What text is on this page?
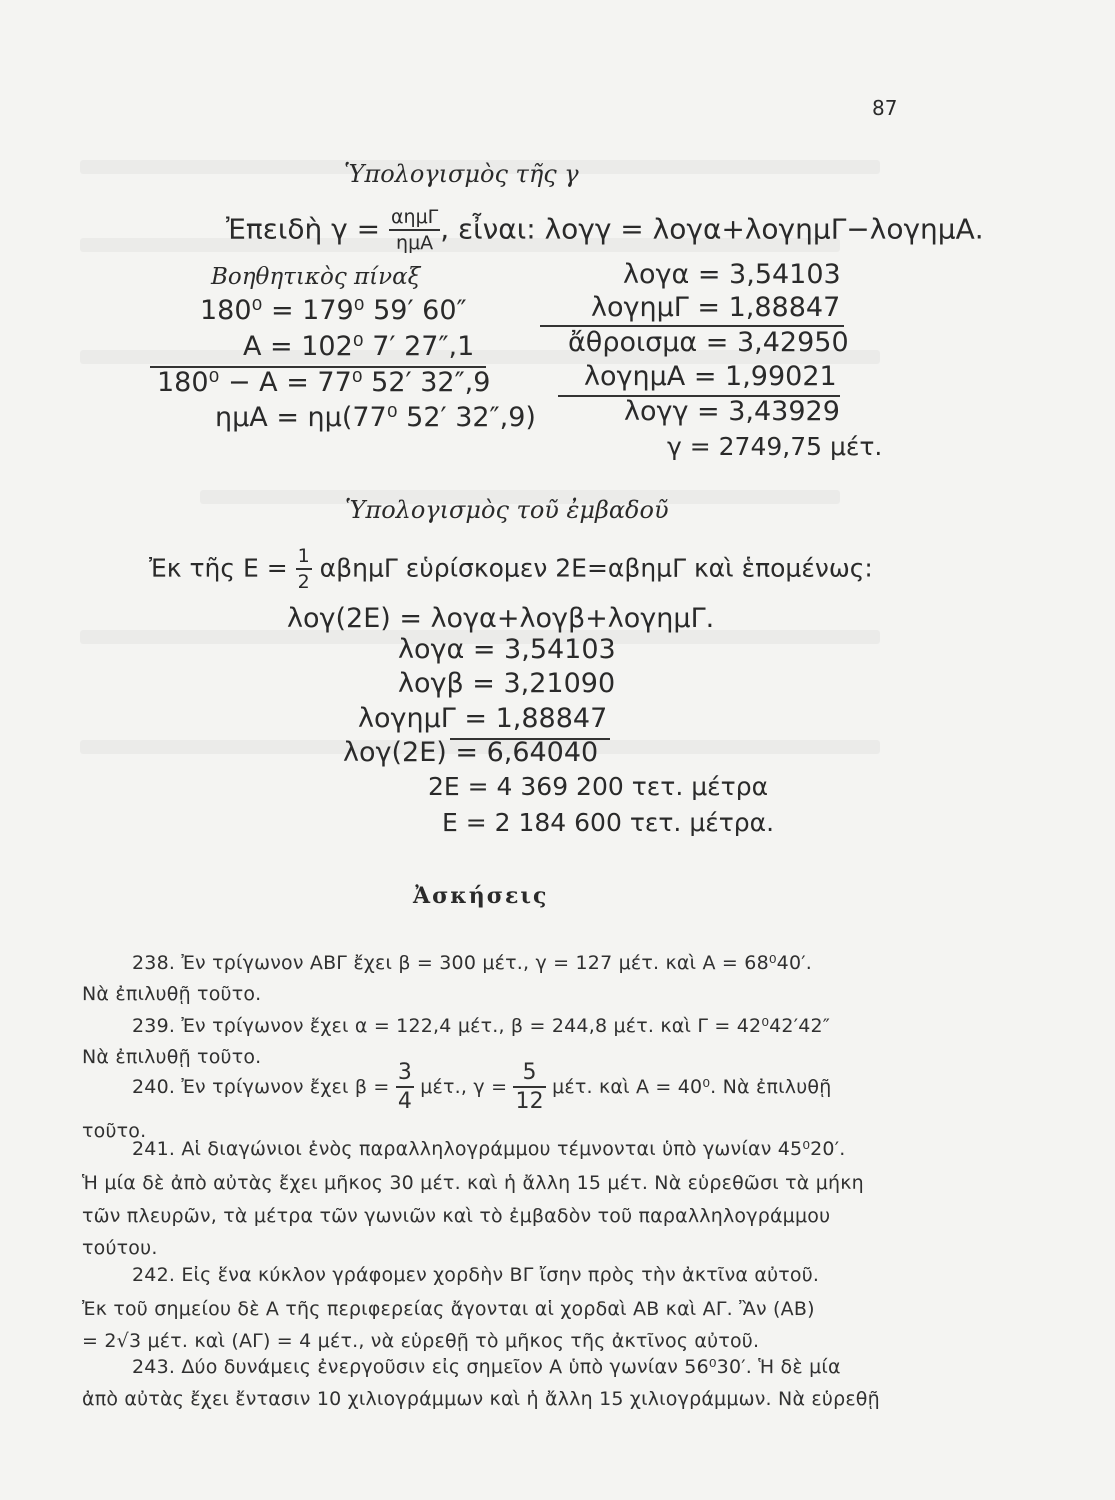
87
Ὑπολογισμὸς τῆς γ
Ἐπειδὴ $\gamma = \frac{\text{αημΓ}}{\text{ημΑ}}$ , εἶναι: λογγ = λογα+λογημΓ−λογημΑ.
Βοηθητικὸς πίναξ
180⁰ = 179⁰ 59′ 60″
Α = 102⁰ 7′ 27″,1
180⁰ − Α = 77⁰ 52′ 32″,9
ημΑ = ημ(77⁰ 52′ 32″,9)
λογα = 3,54103
λογημΓ = 1,88847
ἄθροισμα = 3,42950
λογημΑ = 1,99021
λογγ = 3,43929
γ = 2749,75 μέτ.
Ὑπολογισμὸς τοῦ ἐμβαδοῦ
Ἐκ τῆς $E = \frac{1}{2}$ αβημΓ εὑρίσκομεν 2Ε=αβημΓ καὶ ἑπομένως:
λογ(2Ε) = λογα+λογβ+λογημΓ.
λογα = 3,54103
λογβ = 3,21090
λογημΓ = 1,88847
λογ(2Ε) = 6,64040
2Ε = 4 369 200 τετ. μέτρα
Ε = 2 184 600 τετ. μέτρα.
Ἀσκήσεις
238. Ἐν τρίγωνον ΑΒΓ ἔχει β = 300 μέτ., γ = 127 μέτ. καὶ Α = 68⁰40′.
Νὰ ἐπιλυθῇ τοῦτο.
239. Ἐν τρίγωνον ἔχει α = 122,4 μέτ., β = 244,8 μέτ. καὶ Γ = 42⁰42′42″
Νὰ ἐπιλυθῇ τοῦτο.
240. Ἐν τρίγωνον ἔχει $\beta = \frac{3}{4} \mu έ\tau$., $\gamma = \frac{5}{12} \mu έ\tau$. καὶ Α = 40⁰. Νὰ ἐπιλυθῇ
τοῦτο.
241. Αἱ διαγώνιοι ἑνὸς παραλληλογράμμου τέμνονται ὑπὸ γωνίαν 45⁰20′.
Ἡ μία δὲ ἀπὸ αὐτὰς ἔχει μῆκος 30 μέτ. καὶ ἡ ἄλλη 15 μέτ. Νὰ εὑρεθῶσι τὰ μήκη
τῶν πλευρῶν, τὰ μέτρα τῶν γωνιῶν καὶ τὸ ἐμβαδὸν τοῦ παραλληλογράμμου
τούτου.
242. Εἰς ἕνα κύκλον γράφομεν χορδὴν ΒΓ ἴσην πρὸς τὴν ἀκτῖνα αὐτοῦ.
Ἐκ τοῦ σημείου δὲ Α τῆς περιφερείας ἄγονται αἱ χορδαὶ ΑΒ καὶ ΑΓ. Ἂν (ΑΒ)
= 2√3 μέτ. καὶ (ΑΓ) = 4 μέτ., νὰ εὑρεθῇ τὸ μῆκος τῆς ἀκτῖνος αὐτοῦ.
243. Δύο δυνάμεις ἐνεργοῦσιν εἰς σημεῖον Α ὑπὸ γωνίαν 56⁰30′. Ἡ δὲ μία
ἀπὸ αὐτὰς ἔχει ἔντασιν 10 χιλιογράμμων καὶ ἡ ἄλλη 15 χιλιογράμμων. Νὰ εὑρεθῇ
